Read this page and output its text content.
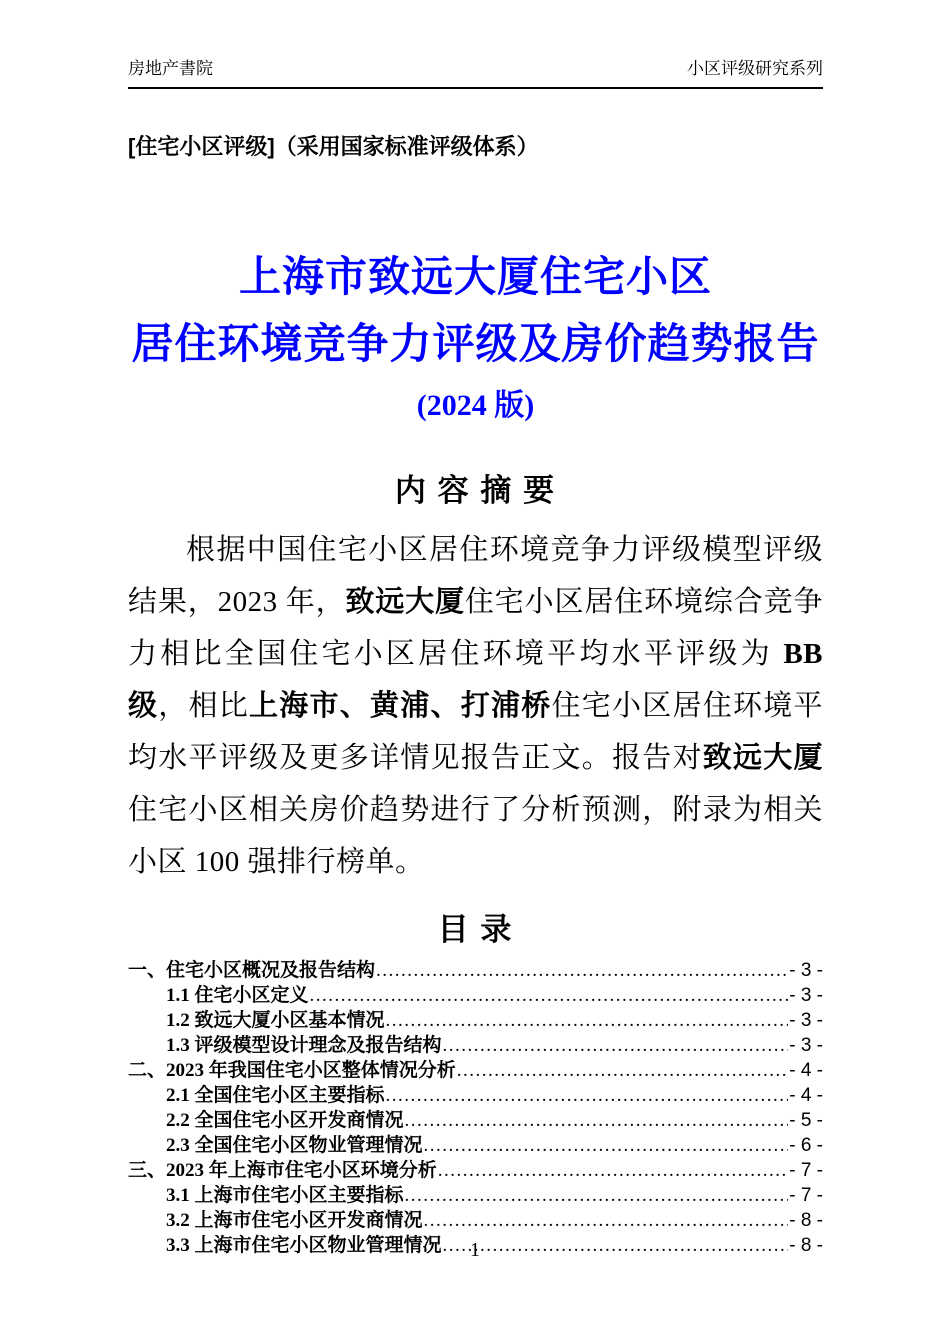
房地产書院	小区评级研究系列
[住宅小区评级]（采用国家标准评级体系）
上海市致远大厦住宅小区
居住环境竞争力评级及房价趋势报告
(2024 版)
内 容 摘 要

根据中国住宅小区居住环境竞争力评级模型评级结果，2023 年，致远大厦住宅小区居住环境综合竞争力相比全国住宅小区居住环境平均水平评级为 BB 级，相比上海市、黄浦、打浦桥住宅小区居住环境平均水平评级及更多详情见报告正文。报告对致远大厦住宅小区相关房价趋势进行了分析预测，附录为相关小区 100 强排行榜单。

目 录
一、住宅小区概况及报告结构 .....	- 3 -
1.1 住宅小区定义 .....	- 3 -
1.2 致远大厦小区基本情况 .....	- 3 -
1.3 评级模型设计理念及报告结构 .....	- 3 -
二、2023 年我国住宅小区整体情况分析 .....	- 4 -
2.1 全国住宅小区主要指标 .....	- 4 -
2.2 全国住宅小区开发商情况 .....	- 5 -
2.3 全国住宅小区物业管理情况 .....	- 6 -
三、2023 年上海市住宅小区环境分析 .....	- 7 -
3.1 上海市住宅小区主要指标 .....	- 7 -
3.2 上海市住宅小区开发商情况 .....	- 8 -
3.3 上海市住宅小区物业管理情况 .....	- 8 -
1
